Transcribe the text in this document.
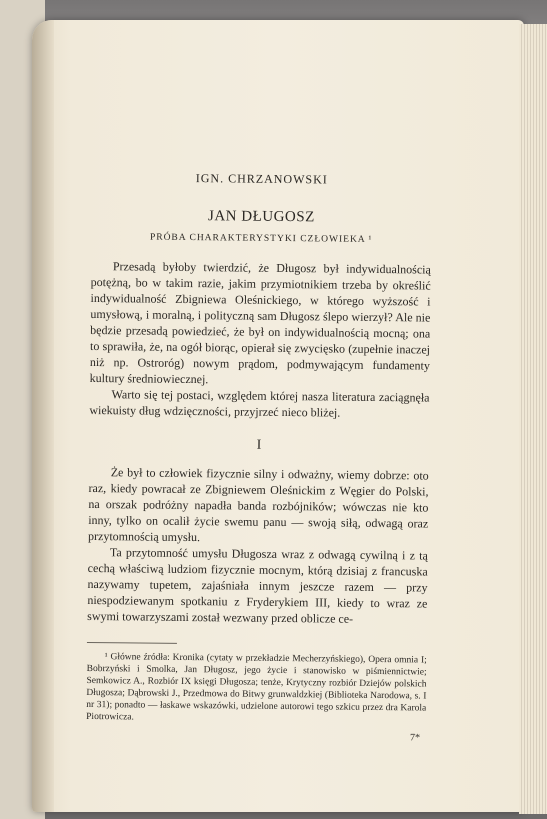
IGN. CHRZANOWSKI
JAN DŁUGOSZ
PRÓBA CHARAKTERYSTYKI CZŁOWIEKA ¹

Przesadą byłoby twierdzić, że Długosz był indywidualnością potężną, bo w takim razie, jakim przymiotnikiem trzeba by określić indywidualność Zbigniewa Oleśnickiego, w którego wyższość i umysłową, i moralną, i polityczną sam Długosz ślepo wierzył? Ale nie będzie przesadą powiedzieć, że był on indywidualnością mocną; ona to sprawiła, że, na ogół biorąc, opierał się zwycięsko (zupełnie inaczej niż np. Ostroróg) nowym prądom, podmywającym fundamenty kultury średniowiecznej.

Warto się tej postaci, względem której nasza literatura zaciągnęła wiekuisty dług wdzięczności, przyjrzeć nieco bliżej.

I

Że był to człowiek fizycznie silny i odważny, wiemy dobrze: oto raz, kiedy powracał ze Zbigniewem Oleśnickim z Węgier do Polski, na orszak podróżny napadła banda rozbójników; wówczas nie kto inny, tylko on ocalił życie swemu panu — swoją siłą, odwagą oraz przytomnością umysłu.

Ta przytomność umysłu Długosza wraz z odwagą cywilną i z tą cechą właściwą ludziom fizycznie mocnym, którą dzisiaj z francuska nazywamy tupetem, zajaśniała innym jeszcze razem — przy niespodziewanym spotkaniu z Fryderykiem III, kiedy to wraz ze swymi towarzyszami został wezwany przed oblicze ce-

¹ Główne źródła: Kronika (cytaty w przekładzie Mecherzyńskiego), Opera omnia I; Bobrzyński i Smolka, Jan Długosz, jego życie i stanowisko w piśmiennictwie; Semkowicz A., Rozbiór IX księgi Długosza; tenże, Krytyczny rozbiór Dziejów polskich Długosza; Dąbrowski J., Przedmowa do Bitwy grunwaldzkiej (Biblioteka Narodowa, s. I nr 31); ponadto — łaskawe wskazówki, udzielone autorowi tego szkicu przez dra Karola Piotrowicza.

7*
